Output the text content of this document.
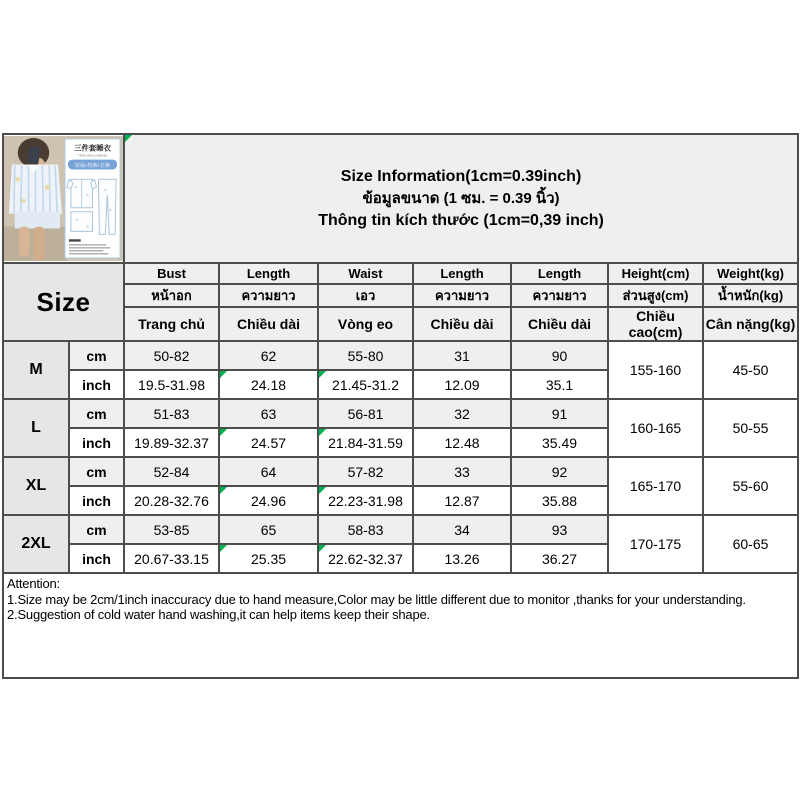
三件套睡衣
Three piece pajamas
短袖+短裤+长裤

Size Information(1cm=0.39inch)
ข้อมูลขนาด (1 ซม. = 0.39 นิ้ว)
Thông tin kích thước (1cm=0,39 inch)

Size		Bust	Length	Waist	Length	Length	Height(cm)	Weight(kg)
		หน้าอก	ความยาว	เอว	ความยาว	ความยาว	ส่วนสูง(cm)	น้ำหนัก(kg)
		Trang chủ	Chiều dài	Vòng eo	Chiều dài	Chiều dài	Chiều cao(cm)	Cân nặng(kg)
M	cm	50-82	62	55-80	31	90	155-160	45-50
	inch	19.5-31.98	24.18	21.45-31.2	12.09	35.1		
L	cm	51-83	63	56-81	32	91	160-165	50-55
	inch	19.89-32.37	24.57	21.84-31.59	12.48	35.49		
XL	cm	52-84	64	57-82	33	92	165-170	55-60
	inch	20.28-32.76	24.96	22.23-31.98	12.87	35.88		
2XL	cm	53-85	65	58-83	34	93	170-175	60-65
	inch	20.67-33.15	25.35	22.62-32.37	13.26	36.27		

Attention:
1.Size may be 2cm/1inch inaccuracy due to hand measure,Color may be little different due to monitor ,thanks for your understanding.
2.Suggestion of cold water hand washing,it can help items keep their shape.								
